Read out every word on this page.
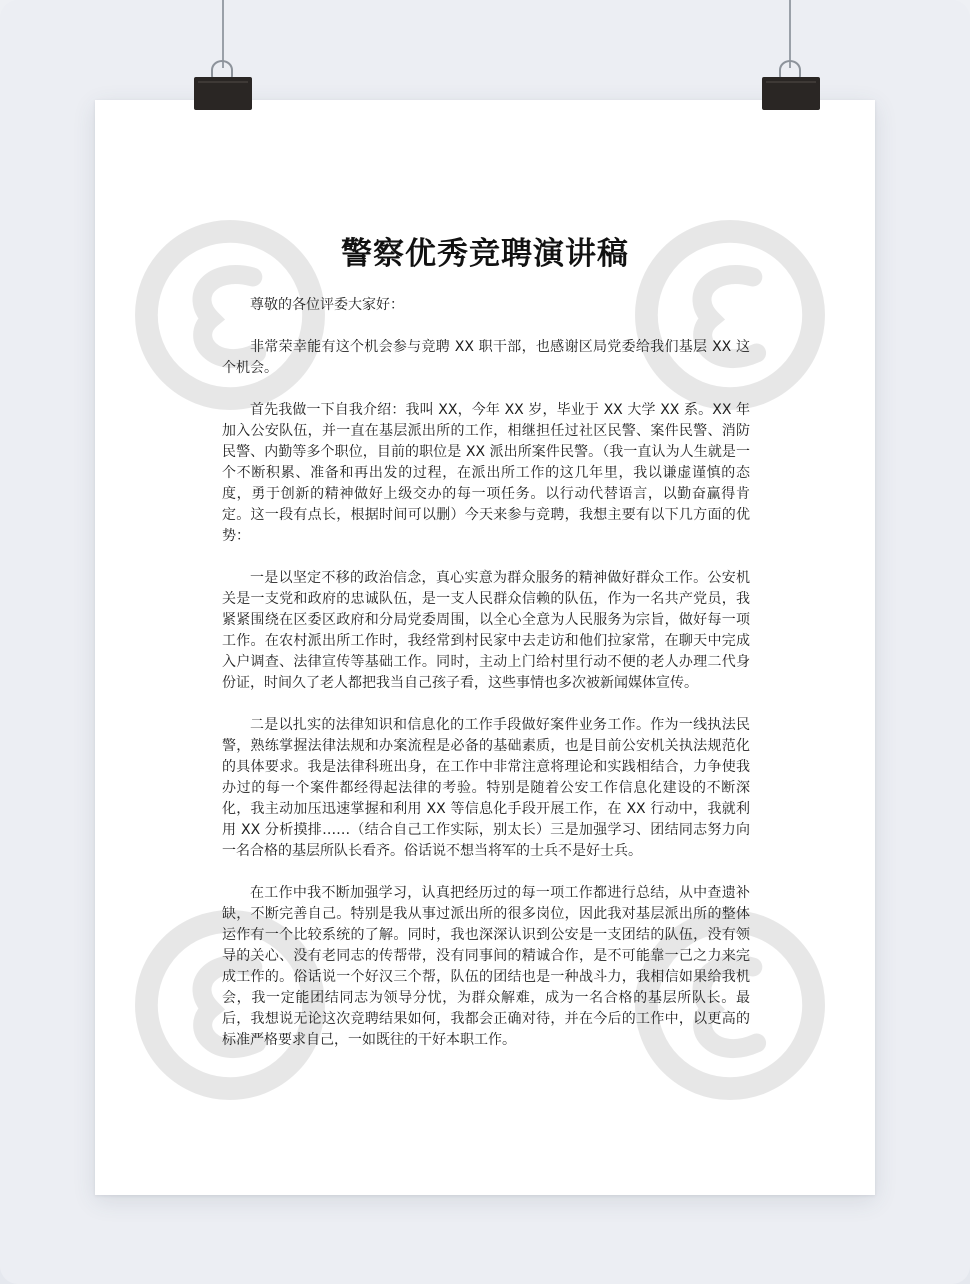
警察优秀竞聘演讲稿

尊敬的各位评委大家好：

非常荣幸能有这个机会参与竞聘 XX 职干部，也感谢区局党委给我们基层 XX 这个机会。

首先我做一下自我介绍：我叫 XX，今年 XX 岁，毕业于 XX 大学 XX 系。XX 年加入公安队伍，并一直在基层派出所的工作，相继担任过社区民警、案件民警、消防民警、内勤等多个职位，目前的职位是 XX 派出所案件民警。（我一直认为人生就是一个不断积累、准备和再出发的过程，在派出所工作的这几年里，我以谦虚谨慎的态度，勇于创新的精神做好上级交办的每一项任务。以行动代替语言，以勤奋赢得肯定。这一段有点长，根据时间可以删）今天来参与竞聘，我想主要有以下几方面的优势：

一是以坚定不移的政治信念，真心实意为群众服务的精神做好群众工作。公安机关是一支党和政府的忠诚队伍，是一支人民群众信赖的队伍，作为一名共产党员，我紧紧围绕在区委区政府和分局党委周围，以全心全意为人民服务为宗旨，做好每一项工作。在农村派出所工作时，我经常到村民家中去走访和他们拉家常，在聊天中完成入户调查、法律宣传等基础工作。同时，主动上门给村里行动不便的老人办理二代身份证，时间久了老人都把我当自己孩子看，这些事情也多次被新闻媒体宣传。

二是以扎实的法律知识和信息化的工作手段做好案件业务工作。作为一线执法民警，熟练掌握法律法规和办案流程是必备的基础素质，也是目前公安机关执法规范化的具体要求。我是法律科班出身，在工作中非常注意将理论和实践相结合，力争使我办过的每一个案件都经得起法律的考验。特别是随着公安工作信息化建设的不断深化，我主动加压迅速掌握和利用 XX 等信息化手段开展工作，在 XX 行动中，我就利用 XX 分析摸排……（结合自己工作实际，别太长）三是加强学习、团结同志努力向一名合格的基层所队长看齐。俗话说不想当将军的士兵不是好士兵。

在工作中我不断加强学习，认真把经历过的每一项工作都进行总结，从中查遗补缺，不断完善自己。特别是我从事过派出所的很多岗位，因此我对基层派出所的整体运作有一个比较系统的了解。同时，我也深深认识到公安是一支团结的队伍，没有领导的关心、没有老同志的传帮带，没有同事间的精诚合作，是不可能靠一己之力来完成工作的。俗话说一个好汉三个帮，队伍的团结也是一种战斗力，我相信如果给我机会，我一定能团结同志为领导分忧，为群众解难，成为一名合格的基层所队长。最后，我想说无论这次竞聘结果如何，我都会正确对待，并在今后的工作中，以更高的标准严格要求自己，一如既往的干好本职工作。
